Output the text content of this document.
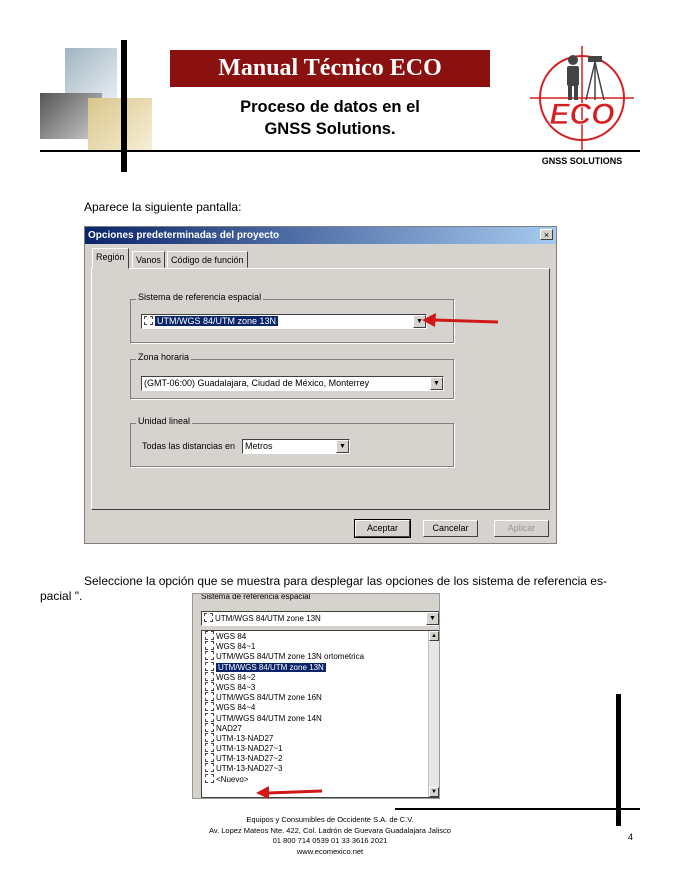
Manual Técnico ECO
Proceso de datos en el
GNSS Solutions.	ECO
GNSS SOLUTIONS
Aparece la siguiente pantalla:
Opciones predeterminadas del proyecto	×
Región	Vanos	Código de función
Sistema de referencia espacial
UTM/WGS 84/UTM zone 13N	▼
Zona horaria
(GMT-06:00) Guadalajara, Ciudad de México, Monterrey	▼
Unidad lineal
Todas las distancias en	Metros	▼
Aceptar	Cancelar	Aplicar
Seleccione la opción que se muestra para desplegar las opciones de los sistema de referencia es-pacial ".	Sistema de referencia espacial
UTM/WGS 84/UTM zone 13N	▼
WGS 84
WGS 84~1
UTM/WGS 84/UTM zone 13N ortometrica
UTM/WGS 84/UTM zone 13N
WGS 84~2
WGS 84~3
UTM/WGS 84/UTM zone 16N
WGS 84~4
UTM/WGS 84/UTM zone 14N
NAD27
UTM-13-NAD27
UTM-13-NAD27~1
UTM-13-NAD27~2
UTM-13-NAD27~3
<Nuevo>
▲
▼
Equipos y Consumibles de Occidente S.A. de C.V.
Av. Lopez Mateos Nte. 422, Col. Ladrón de Guevara Guadalajara Jalisco
01 800 714 0539 01 33 3616 2021
www.ecomexico.net
4
